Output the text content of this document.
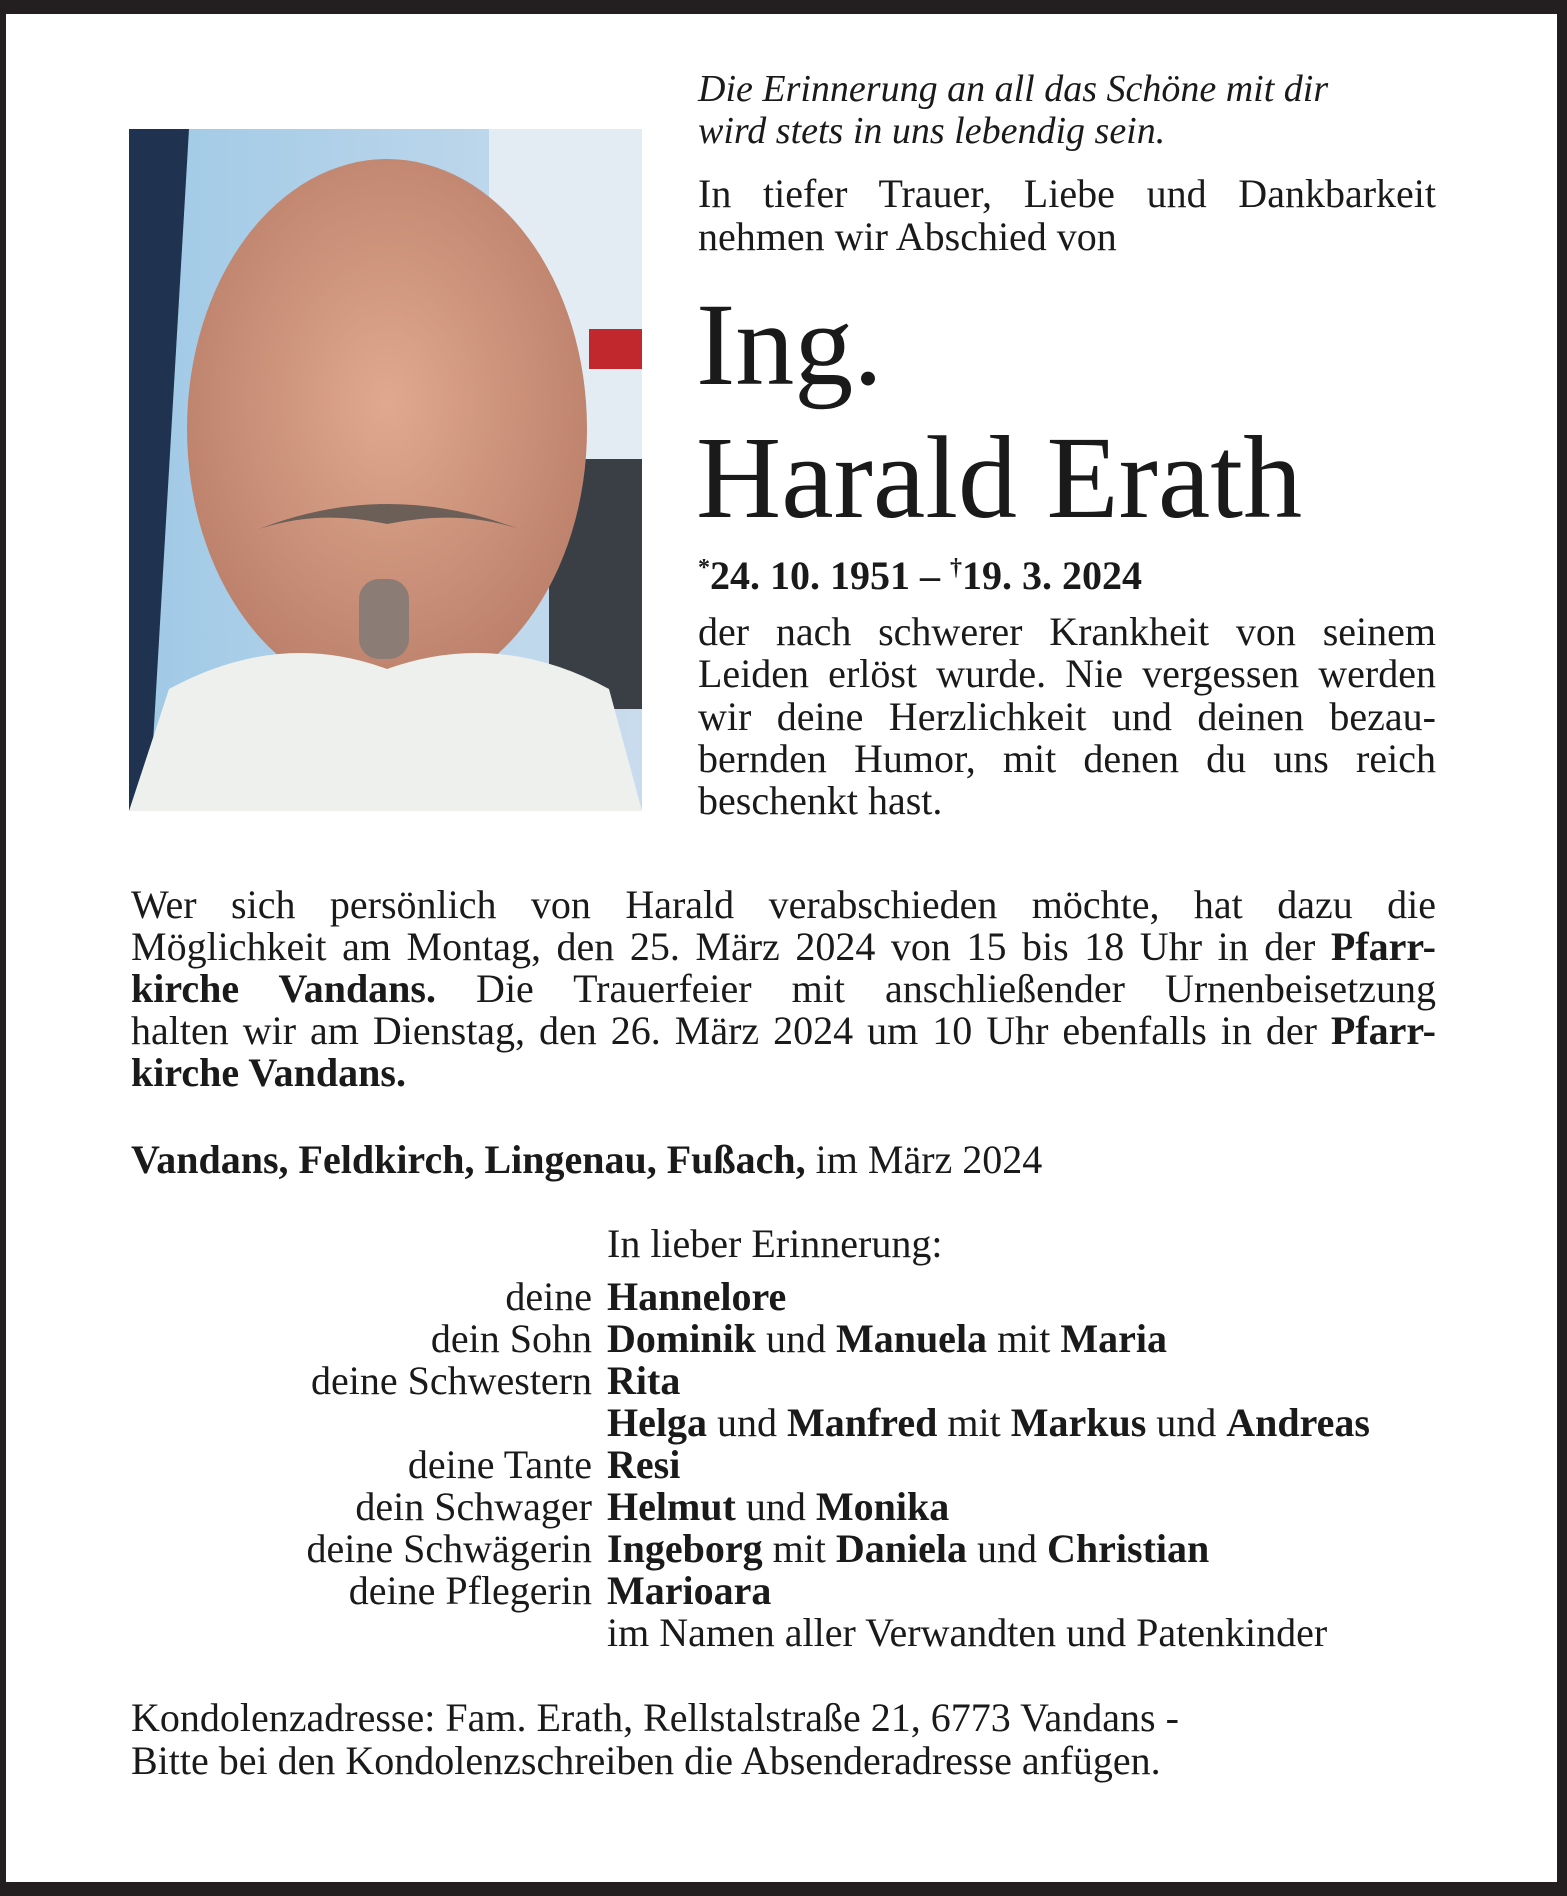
Die Erinnerung an all das Schöne mit dir
wird stets in uns lebendig sein.
In tiefer Trauer, Liebe und Dankbarkeit
nehmen wir Abschied von
Ing.
Harald Erath
*24. 10. 1951 – †19. 3. 2024
der nach schwerer Krankheit von seinem
Leiden erlöst wurde. Nie vergessen werden
wir deine Herzlichkeit und deinen bezau-
bernden Humor, mit denen du uns reich
beschenkt hast.
Wer sich persönlich von Harald verabschieden möchte, hat dazu die
Möglichkeit am Montag, den 25. März 2024 von 15 bis 18 Uhr in der Pfarr-
kirche Vandans. Die Trauerfeier mit anschließender Urnenbeisetzung
halten wir am Dienstag, den 26. März 2024 um 10 Uhr ebenfalls in der Pfarr-
kirche Vandans.
Vandans, Feldkirch, Lingenau, Fußach, im März 2024
In lieber Erinnerung:
deine Hannelore
dein Sohn Dominik und Manuela mit Maria
deine Schwestern Rita
Helga und Manfred mit Markus und Andreas
deine Tante Resi
dein Schwager Helmut und Monika
deine Schwägerin Ingeborg mit Daniela und Christian
deine Pflegerin Marioara
im Namen aller Verwandten und Patenkinder
Kondolenzadresse: Fam. Erath, Rellstalstraße 21, 6773 Vandans -
Bitte bei den Kondolenzschreiben die Absenderadresse anfügen.
